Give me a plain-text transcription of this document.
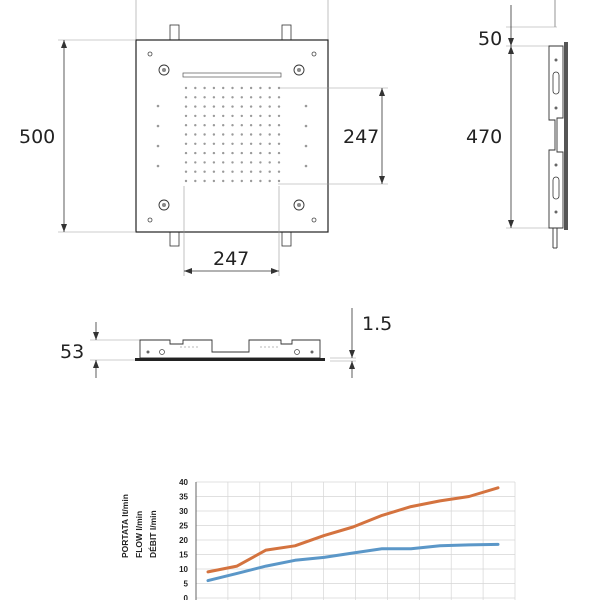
500	247
247
50
470
53
1.5
0
5
10
15
20
25
30
35
40
PORTATA lt/min FLOW l/min DÉBIT l/min
